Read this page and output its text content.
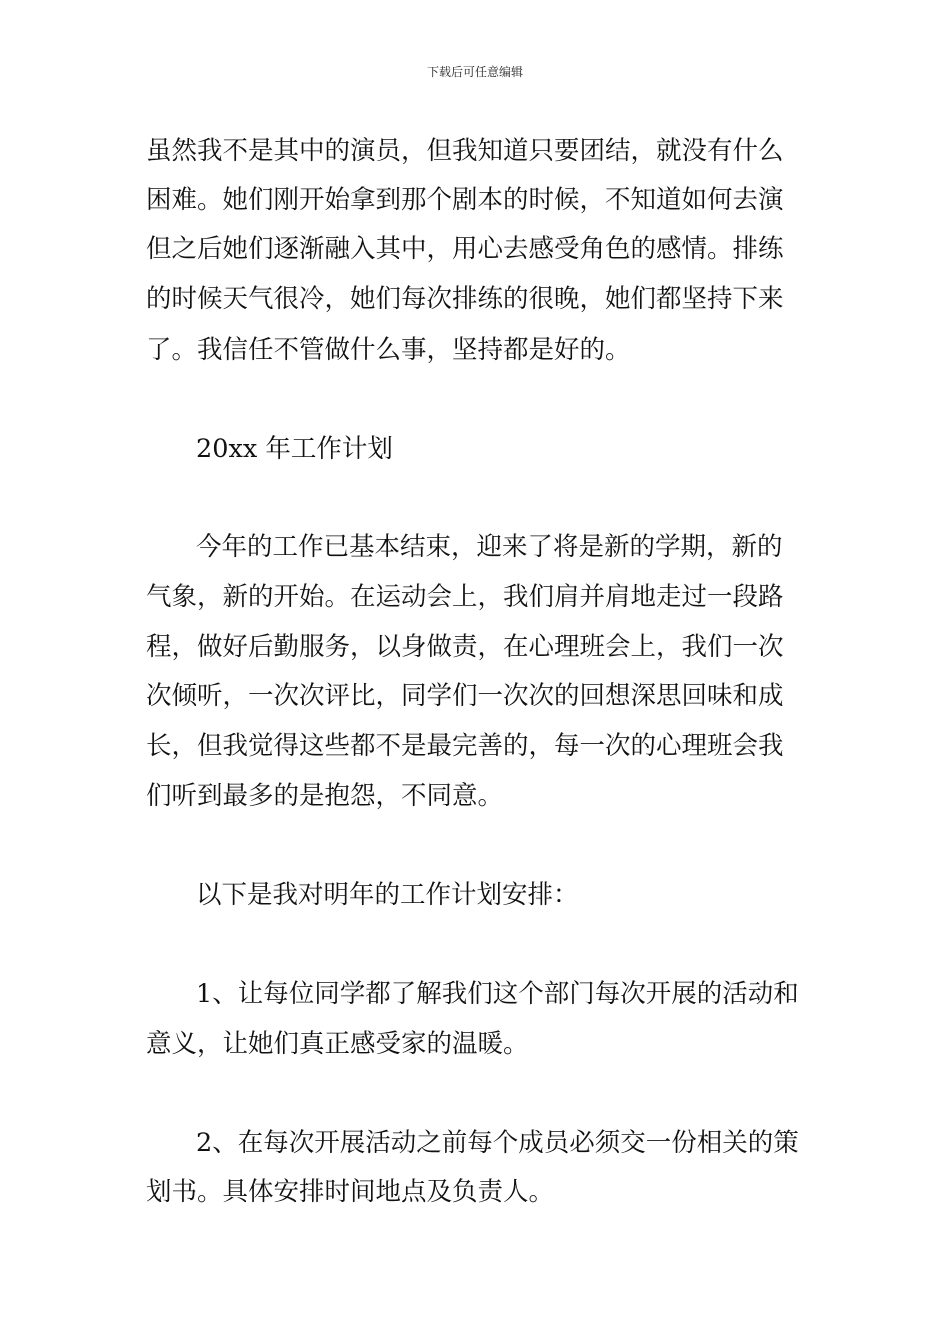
下载后可任意编辑
虽然我不是其中的演员，但我知道只要团结，就没有什么
困难。她们刚开始拿到那个剧本的时候，不知道如何去演
但之后她们逐渐融入其中，用心去感受角色的感情。排练
的时候天气很冷，她们每次排练的很晚，她们都坚持下来
了。我信任不管做什么事，坚持都是好的。
20xx 年工作计划
今年的工作已基本结束，迎来了将是新的学期，新的
气象，新的开始。在运动会上，我们肩并肩地走过一段路
程，做好后勤服务，以身做责，在心理班会上，我们一次
次倾听，一次次评比，同学们一次次的回想深思回味和成
长，但我觉得这些都不是最完善的，每一次的心理班会我
们听到最多的是抱怨，不同意。
以下是我对明年的工作计划安排：
1、让每位同学都了解我们这个部门每次开展的活动和
意义，让她们真正感受家的温暖。
2、在每次开展活动之前每个成员必须交一份相关的策
划书。具体安排时间地点及负责人。
